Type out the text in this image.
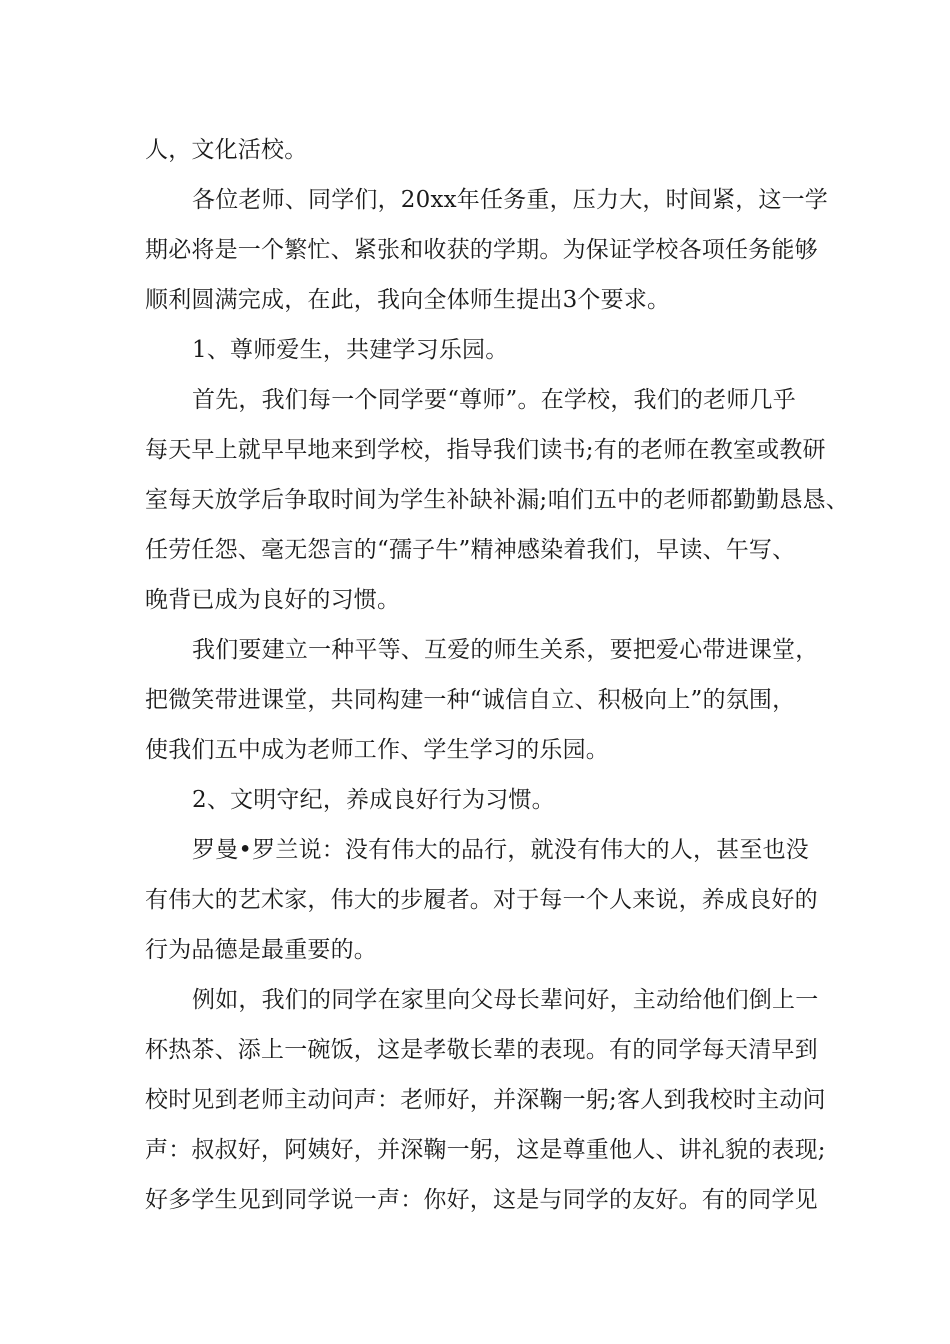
人，文化活校。
各位老师、同学们，20xx年任务重，压力大，时间紧，这一学
期必将是一个繁忙、紧张和收获的学期。为保证学校各项任务能够
顺利圆满完成，在此，我向全体师生提出3个要求。
1、尊师爱生，共建学习乐园。
首先，我们每一个同学要“尊师”。在学校，我们的老师几乎
每天早上就早早地来到学校，指导我们读书;有的老师在教室或教研
室每天放学后争取时间为学生补缺补漏;咱们五中的老师都勤勤恳恳、
任劳任怨、毫无怨言的“孺子牛”精神感染着我们，早读、午写、
晚背已成为良好的习惯。
我们要建立一种平等、互爱的师生关系，要把爱心带进课堂，
把微笑带进课堂，共同构建一种“诚信自立、积极向上”的氛围，
使我们五中成为老师工作、学生学习的乐园。
2、文明守纪，养成良好行为习惯。
罗曼•罗兰说：没有伟大的品行，就没有伟大的人，甚至也没
有伟大的艺术家，伟大的步履者。对于每一个人来说，养成良好的
行为品德是最重要的。
例如，我们的同学在家里向父母长辈问好，主动给他们倒上一
杯热茶、添上一碗饭，这是孝敬长辈的表现。有的同学每天清早到
校时见到老师主动问声：老师好，并深鞠一躬;客人到我校时主动问
声：叔叔好，阿姨好，并深鞠一躬，这是尊重他人、讲礼貌的表现;
好多学生见到同学说一声：你好，这是与同学的友好。有的同学见
